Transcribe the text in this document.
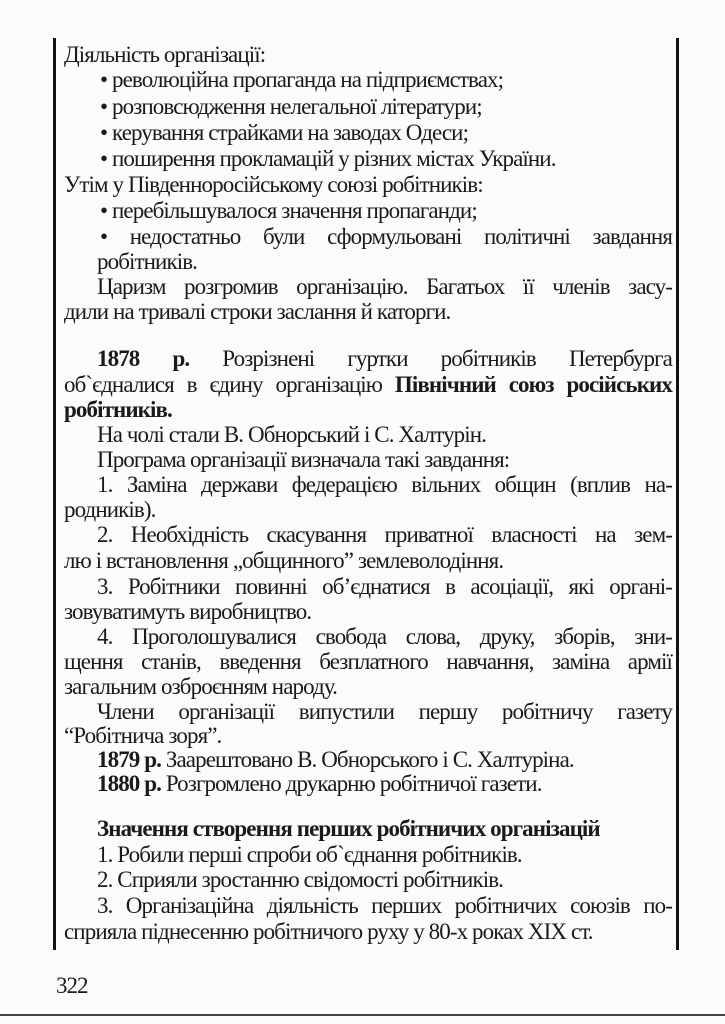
Діяльність організації:
• революційна пропаганда на підприємствах;
• розповсюдження нелегальної літератури;
• керування страйками на заводах Одеси;
• поширення прокламацій у різних містах України.
Утім у Південноросійському союзі робітників:
• перебільшувалося значення пропаганди;
• недостатньо були сформульовані політичні завдання
робітників.
Царизм розгромив організацію. Багатьох її членів засу-
дили на тривалі строки заслання й каторги.
1878 р. Розрізнені гуртки робітників Петербурга
об`єдналися в єдину організацію Північний союз російських
робітників.
На чолі стали В. Обнорський і С. Халтурін.
Програма організації визначала такі завдання:
1. Заміна держави федерацією вільних общин (вплив на-
родників).
2. Необхідність скасування приватної власності на зем-
лю і встановлення „общинного” землеволодіння.
3. Робітники повинні об’єднатися в асоціації, які органі-
зовуватимуть виробництво.
4. Проголошувалися свобода слова, друку, зборів, зни-
щення станів, введення безплатного навчання, заміна армії
загальним озброєнням народу.
Члени організації випустили першу робітничу газету
“Робітнича зоря”.
1879 р. Заарештовано В. Обнорського і С. Халтуріна.
1880 р. Розгромлено друкарню робітничої газети.
Значення створення перших робітничих організацій
1. Робили перші спроби об`єднання робітників.
2. Сприяли зростанню свідомості робітників.
3. Організаційна діяльність перших робітничих союзів по-
сприяла піднесенню робітничого руху у 80-х роках XIX ст.
322
